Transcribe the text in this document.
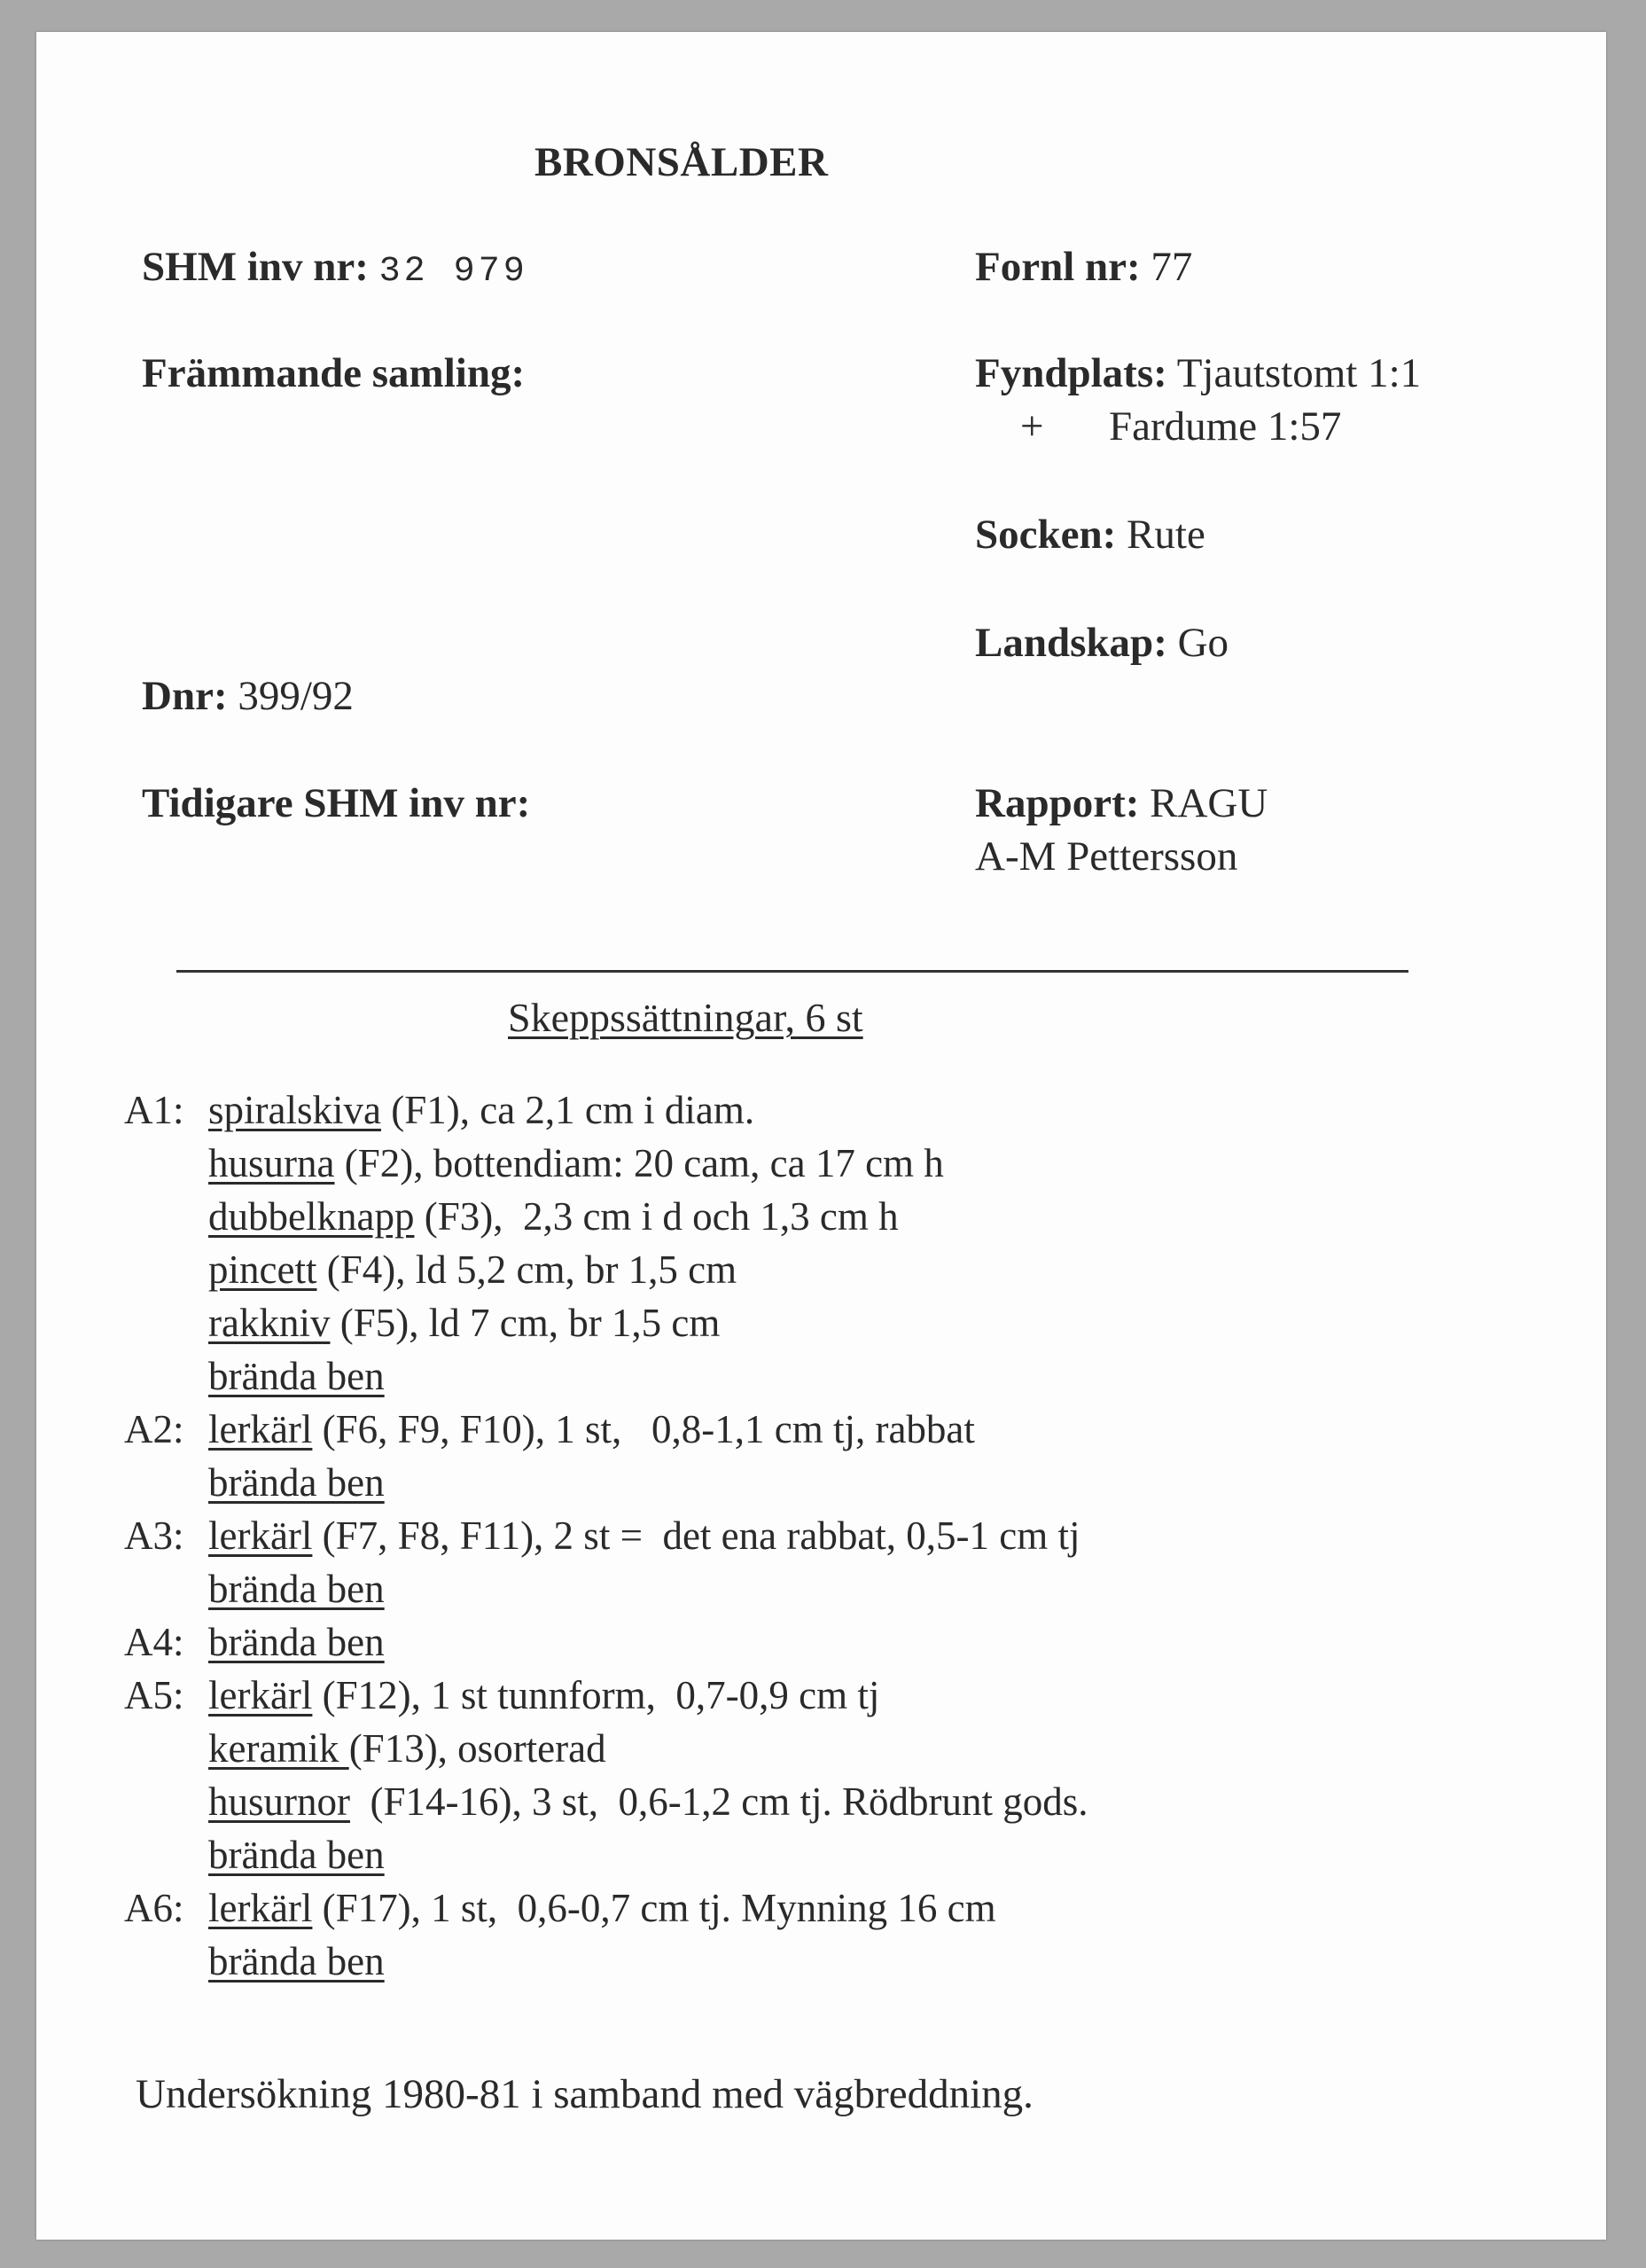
BRONSÅLDER
SHM inv nr: 32 979
Främmande samling:
Dnr: 399/92
Tidigare SHM inv nr:
Fornl nr: 77
Fyndplats: Tjautstomt 1:1
+ Fardume 1:57
Socken: Rute
Landskap: Go
Rapport: RAGU
A-M Pettersson
Skeppssättningar, 6 st
A1: spiralskiva (F1), ca 2,1 cm i diam.
husurna (F2), bottendiam: 20 cam, ca 17 cm h
dubbelknapp (F3),  2,3 cm i d och 1,3 cm h
pincett (F4), ld 5,2 cm, br 1,5 cm
rakkniv (F5), ld 7 cm, br 1,5 cm
brända ben
A2: lerkärl (F6, F9, F10), 1 st,   0,8-1,1 cm tj, rabbat
brända ben
A3: lerkärl (F7, F8, F11), 2 st =  det ena rabbat, 0,5-1 cm tj
brända ben
A4: brända ben
A5: lerkärl (F12), 1 st tunnform,  0,7-0,9 cm tj
keramik (F13), osorterad
husurnor  (F14-16), 3 st,  0,6-1,2 cm tj. Rödbrunt gods.
brända ben
A6: lerkärl (F17), 1 st,  0,6-0,7 cm tj. Mynning 16 cm
brända ben
Undersökning 1980-81 i samband med vägbreddning.
